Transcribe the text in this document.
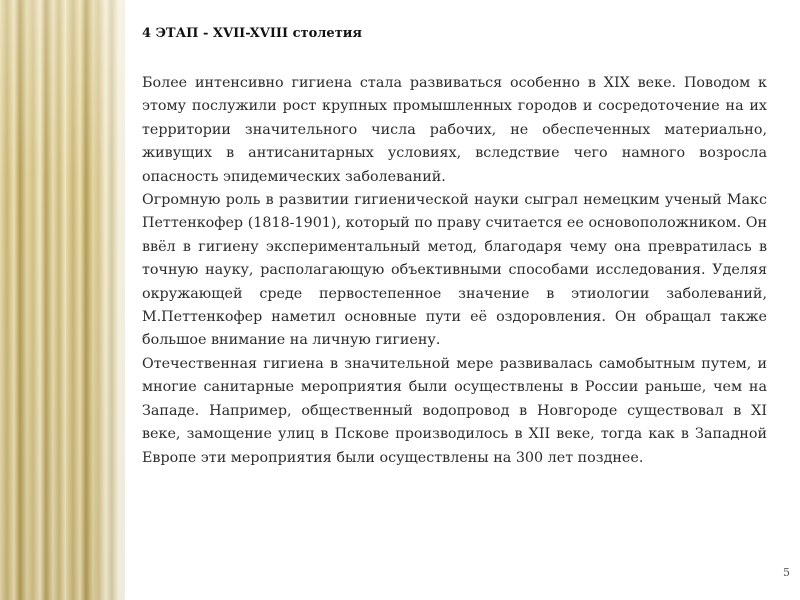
4 ЭТАП - XVII-XVIII столетия

Более интенсивно гигиена стала развиваться особенно в XIX веке. Поводом к этому послужили рост крупных промышленных городов и сосредоточение на их территории значительного числа рабочих, не обеспеченных материально, живущих в антисанитарных условиях, вследствие чего намного возросла опасность эпидемических заболеваний.

Огромную роль в развитии гигиенической науки сыграл немецким ученый Макс Петтенкофер (1818-1901), который по праву считается ее основоположником. Он ввёл в гигиену экспериментальный метод, благодаря чему она превратилась в точную науку, располагающую объективными способами исследования. Уделяя окружающей среде первостепенное значение в этиологии заболеваний, М.Петтенкофер наметил основные пути её оздоровления. Он обращал также большое внимание на личную гигиену.

Отечественная гигиена в значительной мере развивалась самобытным путем, и многие санитарные мероприятия были осуществлены в России раньше, чем на Западе. Например, общественный водопровод в Новгороде существовал в XI веке, замощение улиц в Пскове производилось в XII веке, тогда как в Западной Европе эти мероприятия были осуществлены на 300 лет позднее.

5
